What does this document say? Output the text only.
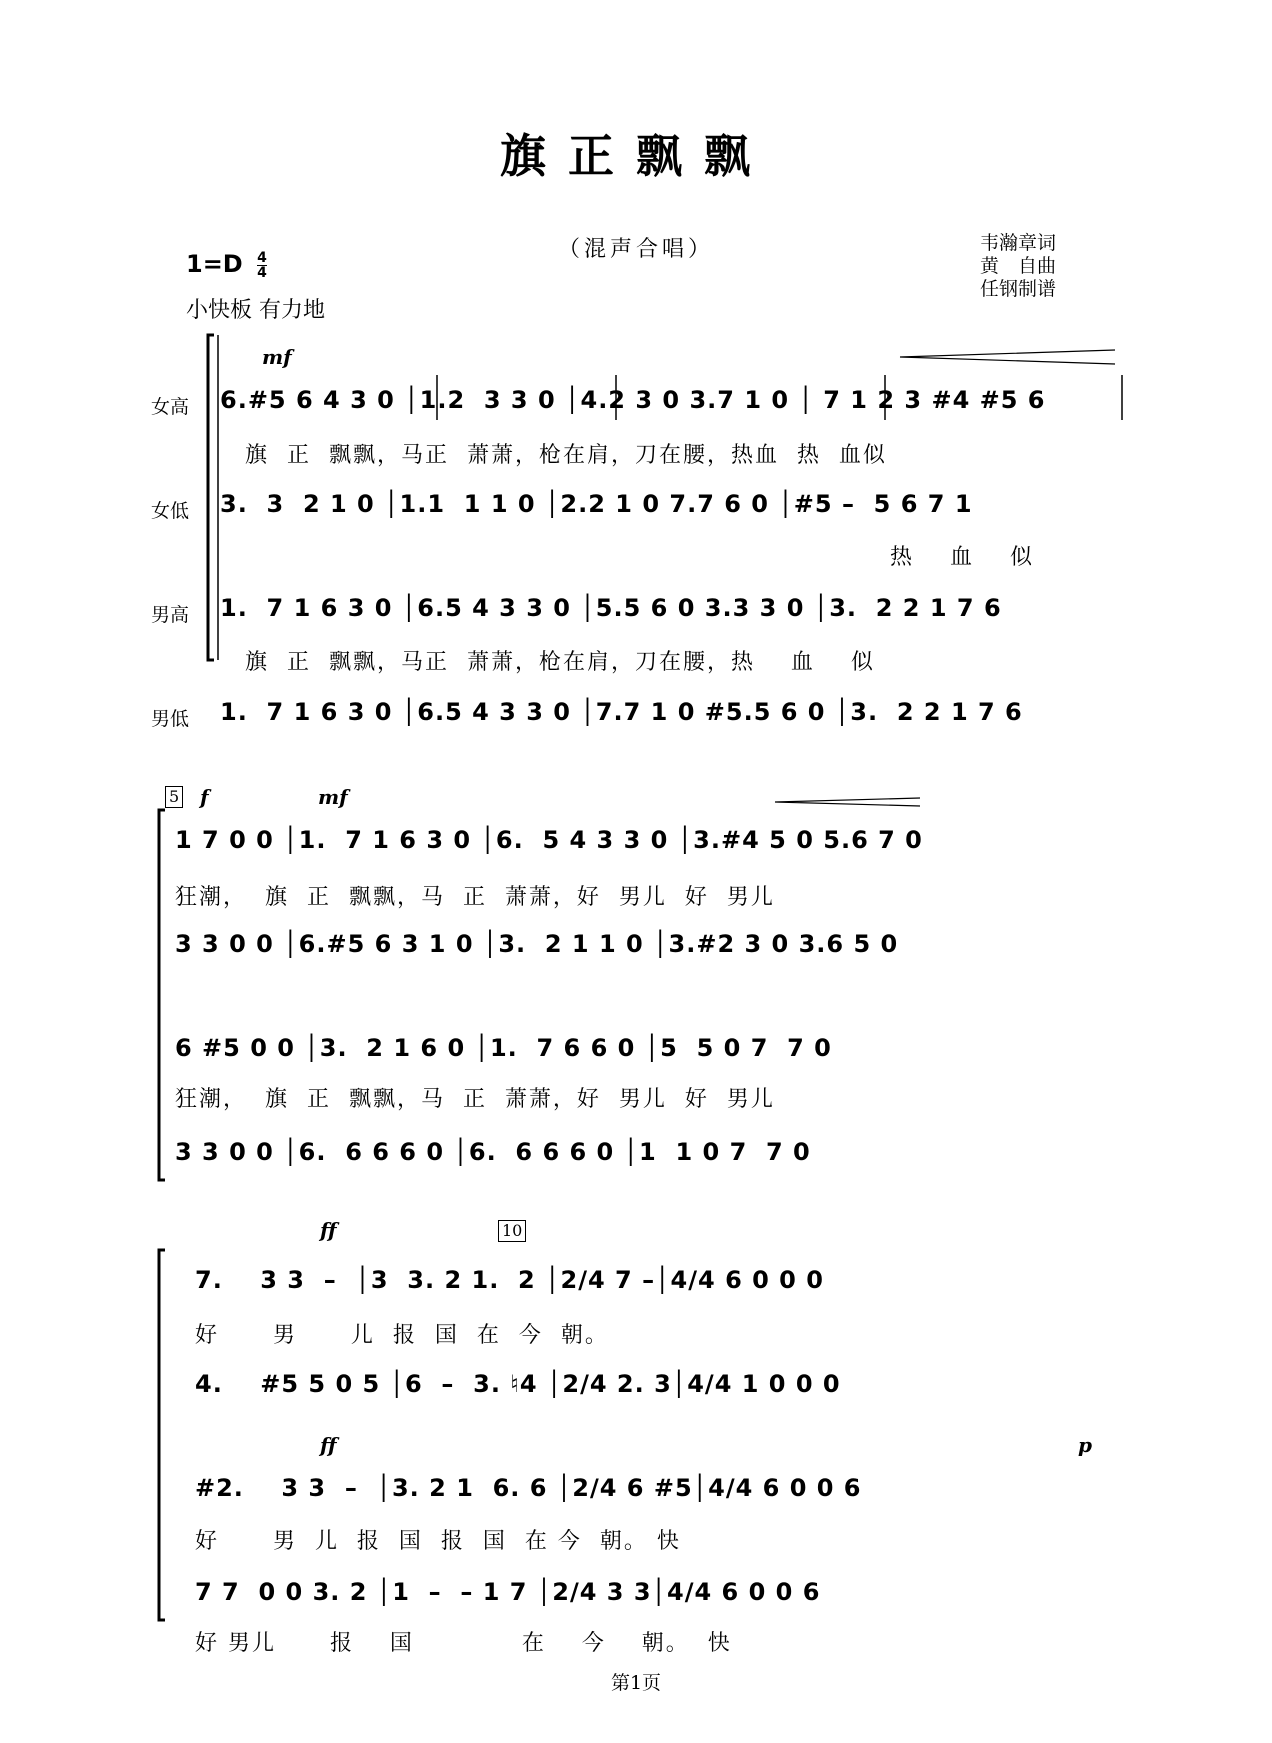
旗正飘飘
（混声合唱）
$1=D \frac{4}{4}$
小快板 有力地
韦瀚章词
黄　自曲
任钢制谱
女高
女低
男高
男低
mf
f	mf
ff
ff	p
5
10
6.#5 6 4 3 0 │1.2  3 3 0 │4.2 3 0 3.7 1 0 │ 7 1 2 3 #4 #5 6
旗  正  飘飘，马正  萧萧，枪在肩，刀在腰，热血  热  血似
3.  3  2 1 0 │1.1  1 1 0 │2.2 1 0 7.7 6 0 │#5 –  5 6 7 1
热    血    似
1.  7 1 6 3 0 │6.5 4 3 3 0 │5.5 6 0 3.3 3 0 │3.  2 2 1 7 6
旗  正  飘飘，马正  萧萧，枪在肩，刀在腰，热    血    似
1.  7 1 6 3 0 │6.5 4 3 3 0 │7.7 1 0 #5.5 6 0 │3.  2 2 1 7 6
1 7 0 0 │1.  7 1 6 3 0 │6.  5 4 3 3 0 │3.#4 5 0 5.6 7 0
狂潮，  旗  正  飘飘，马  正  萧萧，好  男儿  好  男儿
3 3 0 0 │6.#5 6 3 1 0 │3.  2 1 1 0 │3.#2 3 0 3.6 5 0
6 #5 0 0 │3.  2 1 6 0 │1.  7 6 6 0 │5  5 0 7  7 0
狂潮，  旗  正  飘飘，马  正  萧萧，好  男儿  好  男儿
3 3 0 0 │6.  6 6 6 0 │6.  6 6 6 0 │1  1 0 7  7 0
7.    3 3  –  │3  3. 2 1.  2 │2/4 7 –│4/4 6 0 0 0
好      男      儿  报  国  在  今  朝。
4.    #5 5 0 5 │6  –  3. ♮4 │2/4 2. 3│4/4 1 0 0 0
#2.    3 3  –  │3. 2 1  6. 6 │2/4 6 #5│4/4 6 0 0 6
好      男  儿  报  国  报  国  在 今  朝。 快
7 7  0 0 3. 2 │1  –  – 1 7 │2/4 3 3│4/4 6 0 0 6
好 男儿      报    国            在    今    朝。  快
第1页
